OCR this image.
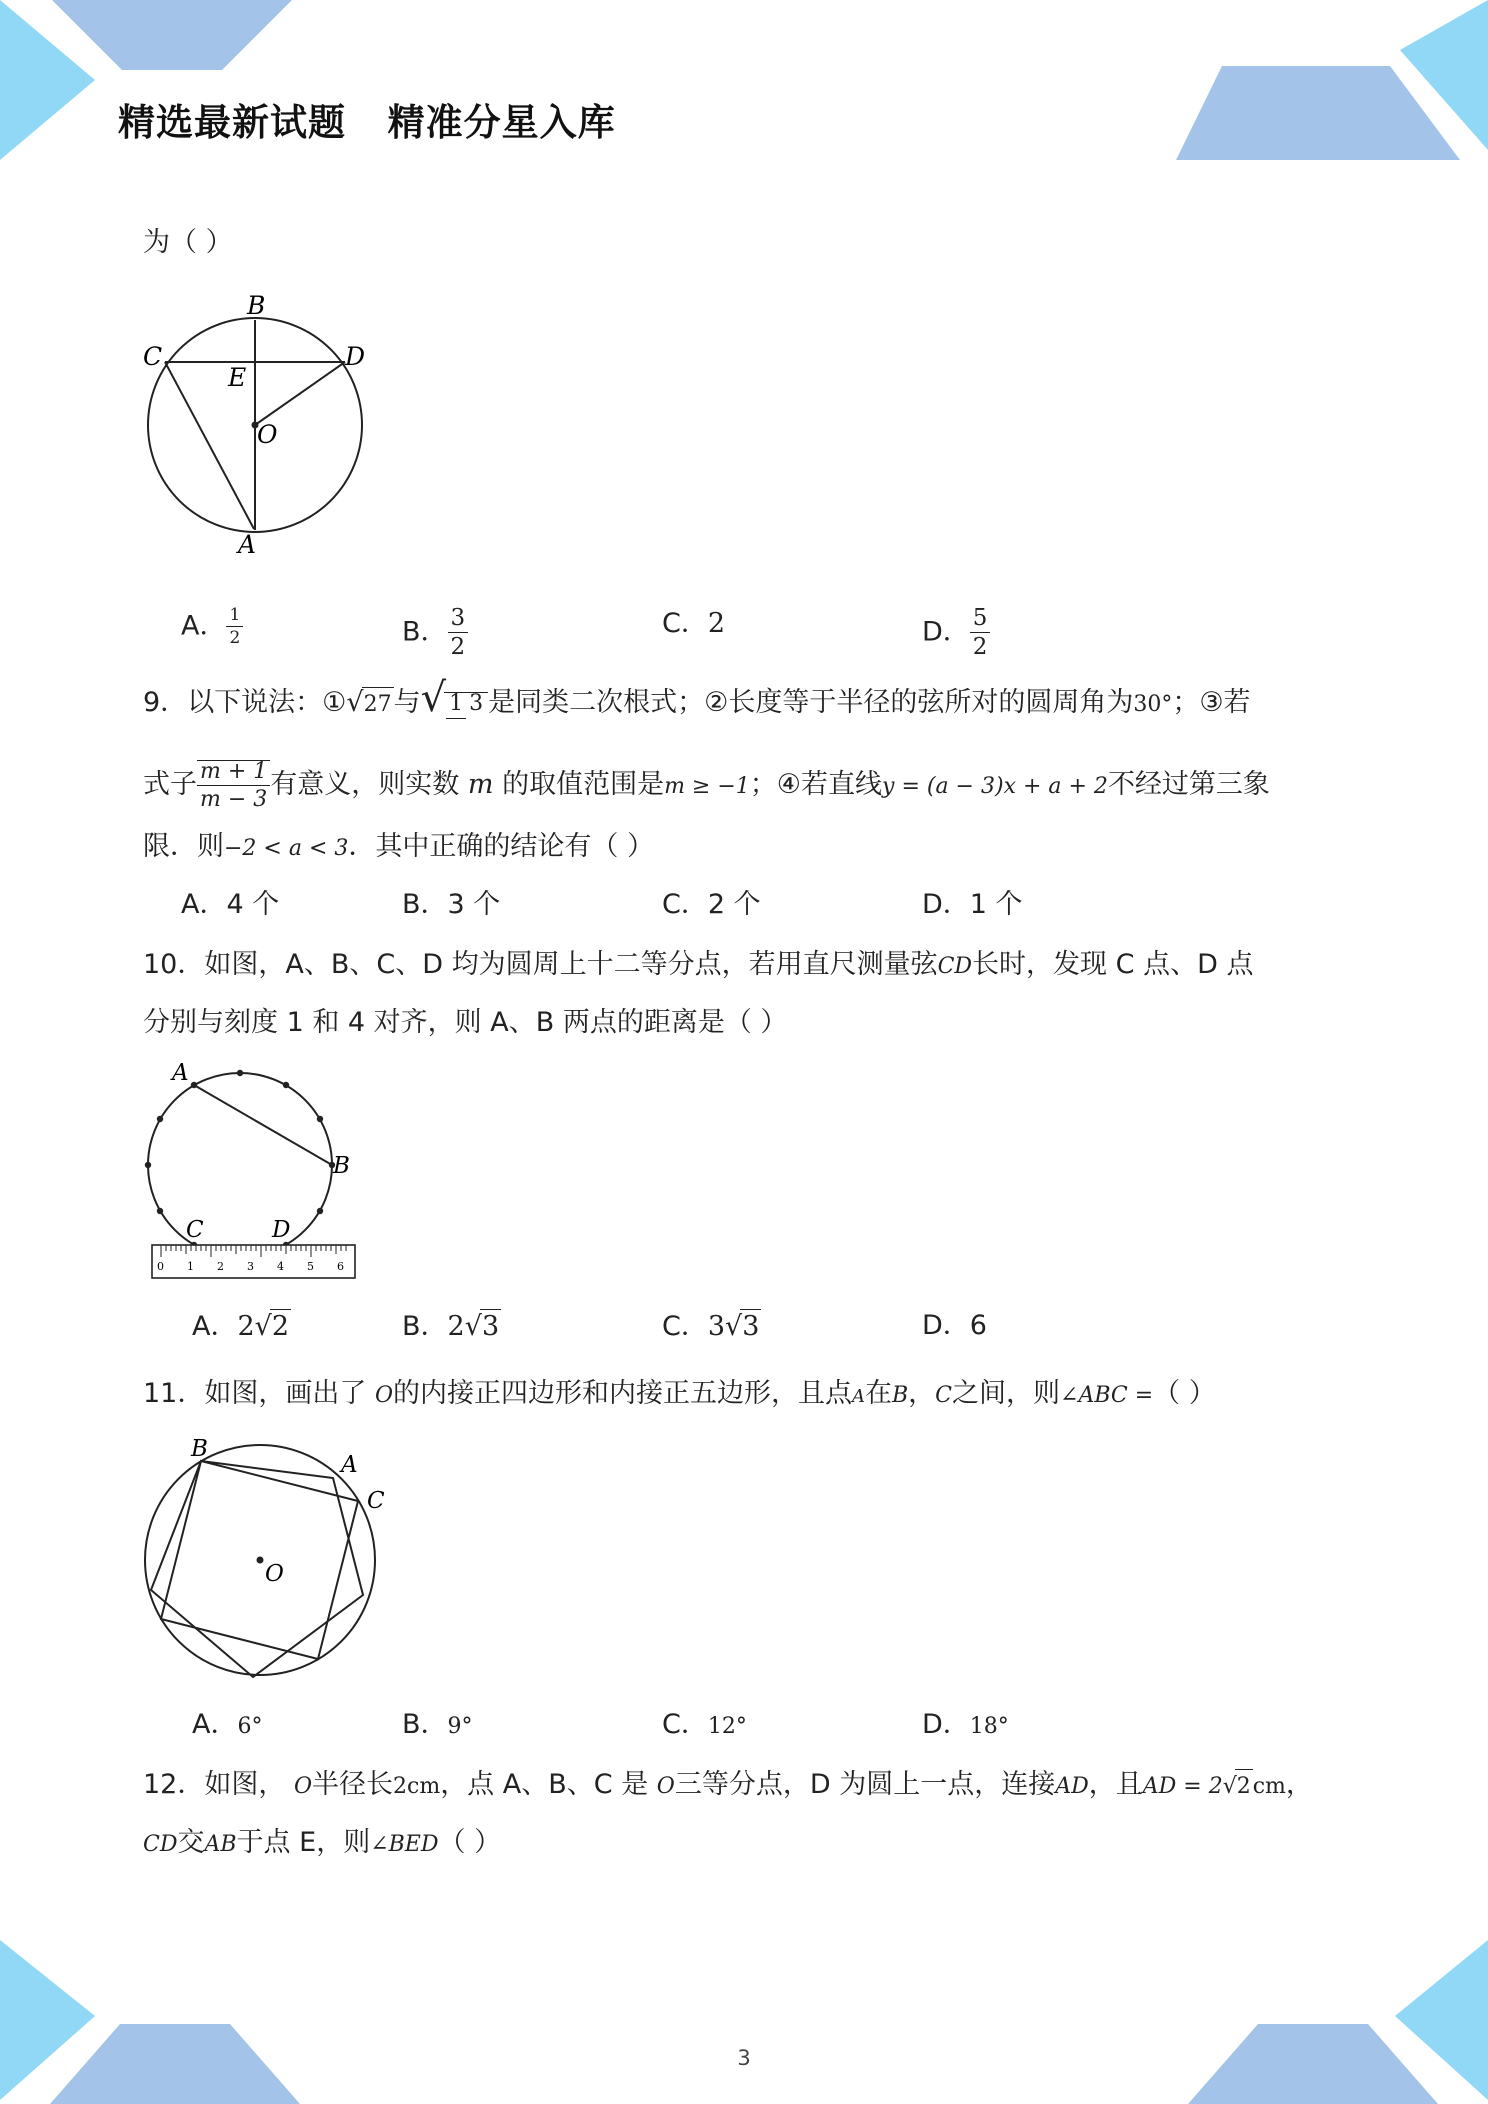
精选最新试题   精准分星入库
为（ ）
B
C	D
E
O
A
A． $\frac{1}{2}$	B． $\frac{3}{2}$	C．2	D． $\frac{5}{2}$
9．以下说法：①√27与√ 1 3 是同类二次根式；②长度等于半径的弦所对的圆周角为30°；③若
式子 $\frac{m + 1}{m - 3}$ 有意义，则实数 m 的取值范围是m ≥ −1；④若直线y = (a − 3)x + a + 2不经过第三象
限．则−2 < a < 3．其中正确的结论有（ ）
A．4 个	B．3 个	C．2 个	D．1 个
10．如图，A、B、C、D 均为圆周上十二等分点，若用直尺测量弦CD长时，发现 C 点、D 点
分别与刻度 1 和 4 对齐，则 A、B 两点的距离是（ ）
A
B
C	D
0 1 2 3 4 5 6
A．2√2	B．2√3	C．3√3	D．6
11．如图，画出了 O的内接正四边形和内接正五边形，且点A在B，C之间，则∠ABC =（ ）
B
A
C
O
A．6°	B．9°	C．12°	D．18°
12．如图， O半径长2cm，点 A、B、C 是 O三等分点，D 为圆上一点，连接AD，且AD = 2√2cm，
CD交AB于点 E，则∠BED（ ）
3
